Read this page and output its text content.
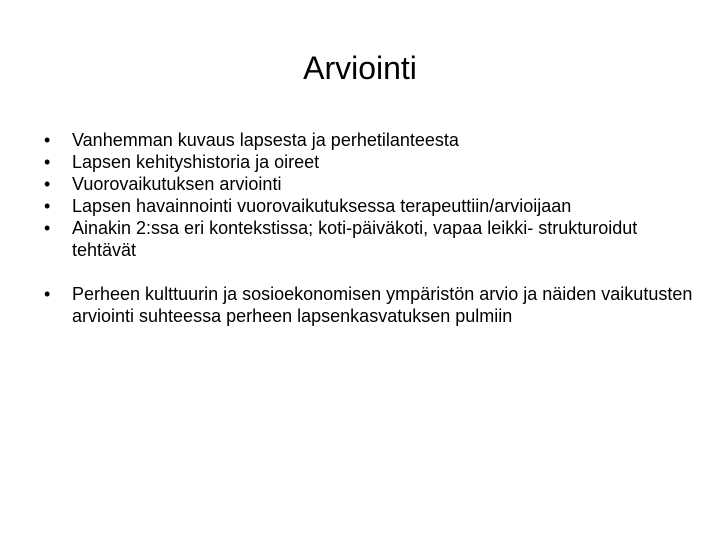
Arviointi
• Vanhemman kuvaus lapsesta ja perhetilanteesta
• Lapsen kehityshistoria ja oireet
• Vuorovaikutuksen arviointi
• Lapsen havainnointi vuorovaikutuksessa terapeuttiin/arvioijaan
• Ainakin 2:ssa eri kontekstissa; koti-päiväkoti, vapaa leikki- strukturoidut tehtävät
• Perheen kulttuurin ja sosioekonomisen ympäristön arvio ja näiden vaikutusten arviointi suhteessa perheen lapsenkasvatuksen pulmiin
